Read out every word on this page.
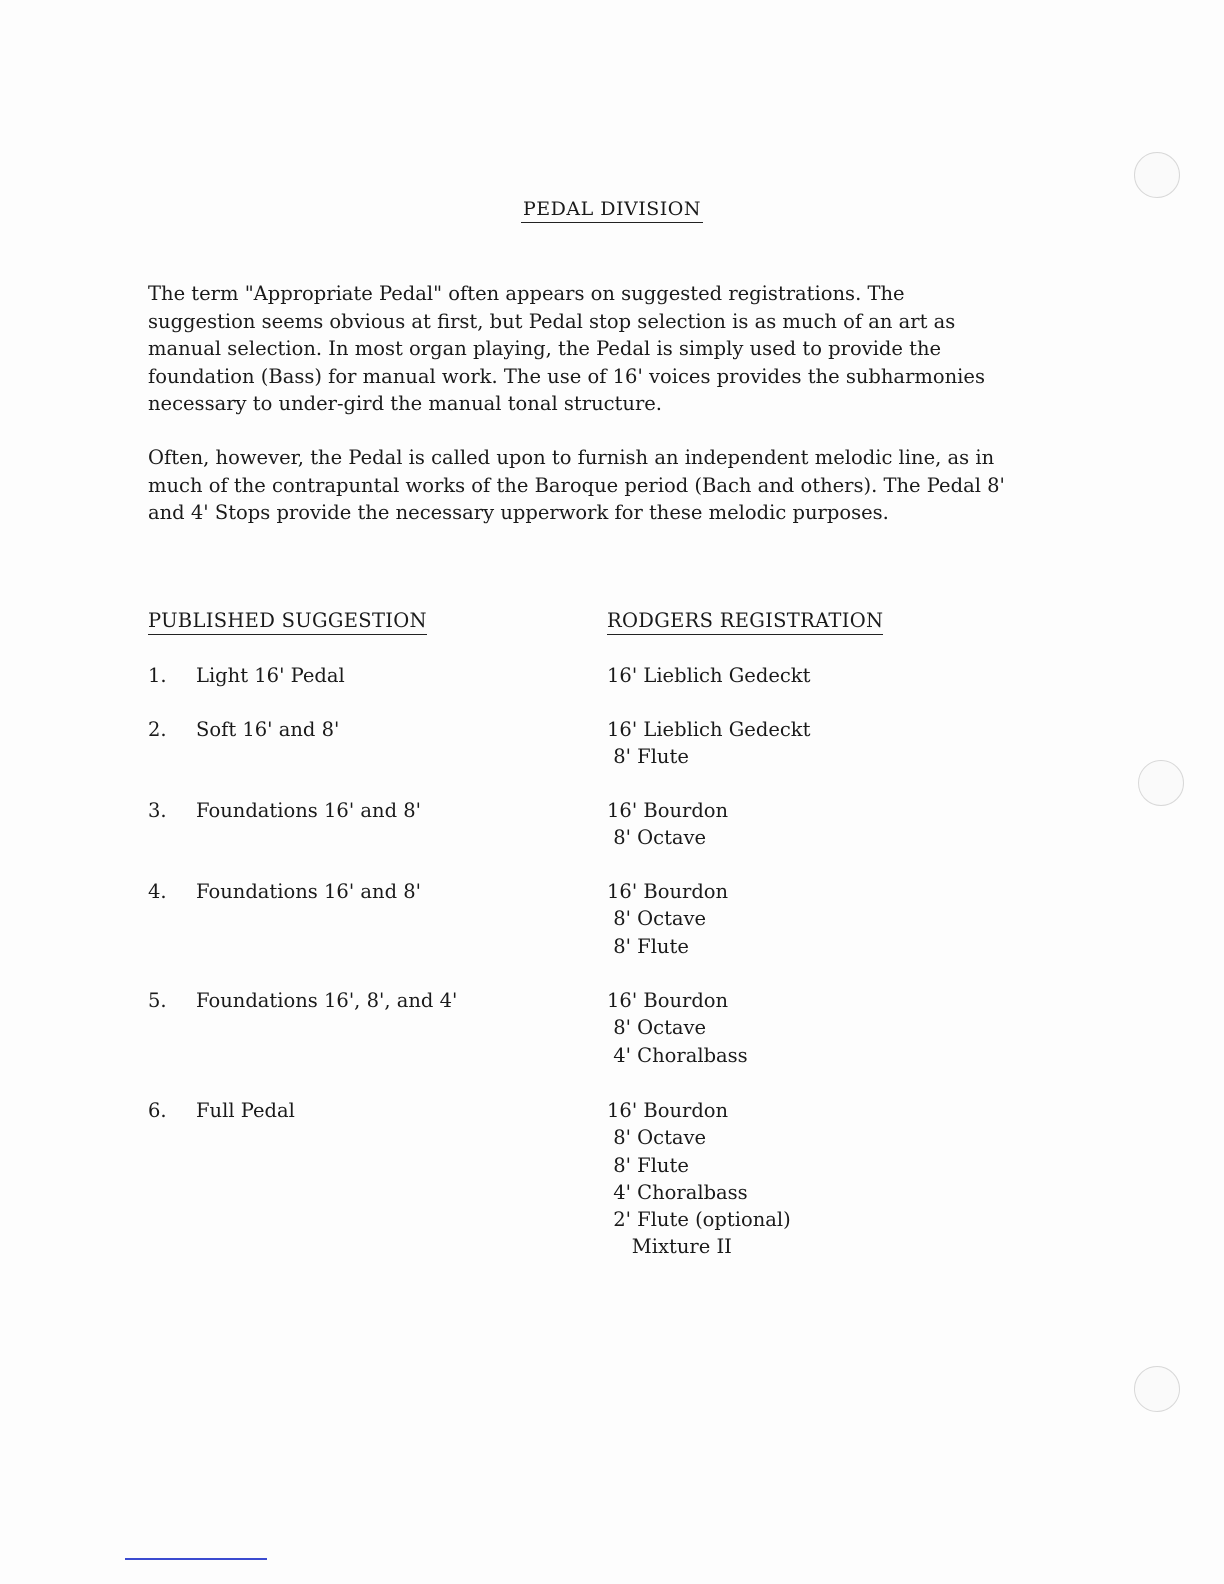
PEDAL DIVISION
The term "Appropriate Pedal" often appears on suggested registrations. The suggestion seems obvious at first, but Pedal stop selection is as much of an art as manual selection. In most organ playing, the Pedal is simply used to provide the foundation (Bass) for manual work. The use of 16' voices provides the subharmonies necessary to under-gird the manual tonal structure.
Often, however, the Pedal is called upon to furnish an independent melodic line, as in much of the contrapuntal works of the Baroque period (Bach and others). The Pedal 8' and 4' Stops provide the necessary upperwork for these melodic purposes.
PUBLISHED SUGGESTION	RODGERS REGISTRATION
1. Light 16' Pedal	16' Lieblich Gedeckt
2. Soft 16' and 8'	16' Lieblich Gedeckt
8' Flute
3. Foundations 16' and 8'	16' Bourdon
8' Octave
4. Foundations 16' and 8'	16' Bourdon
8' Octave
8' Flute
5. Foundations 16', 8', and 4'	16' Bourdon
8' Octave
4' Choralbass
6. Full Pedal	16' Bourdon
8' Octave
8' Flute
4' Choralbass
2' Flute (optional)
Mixture II
